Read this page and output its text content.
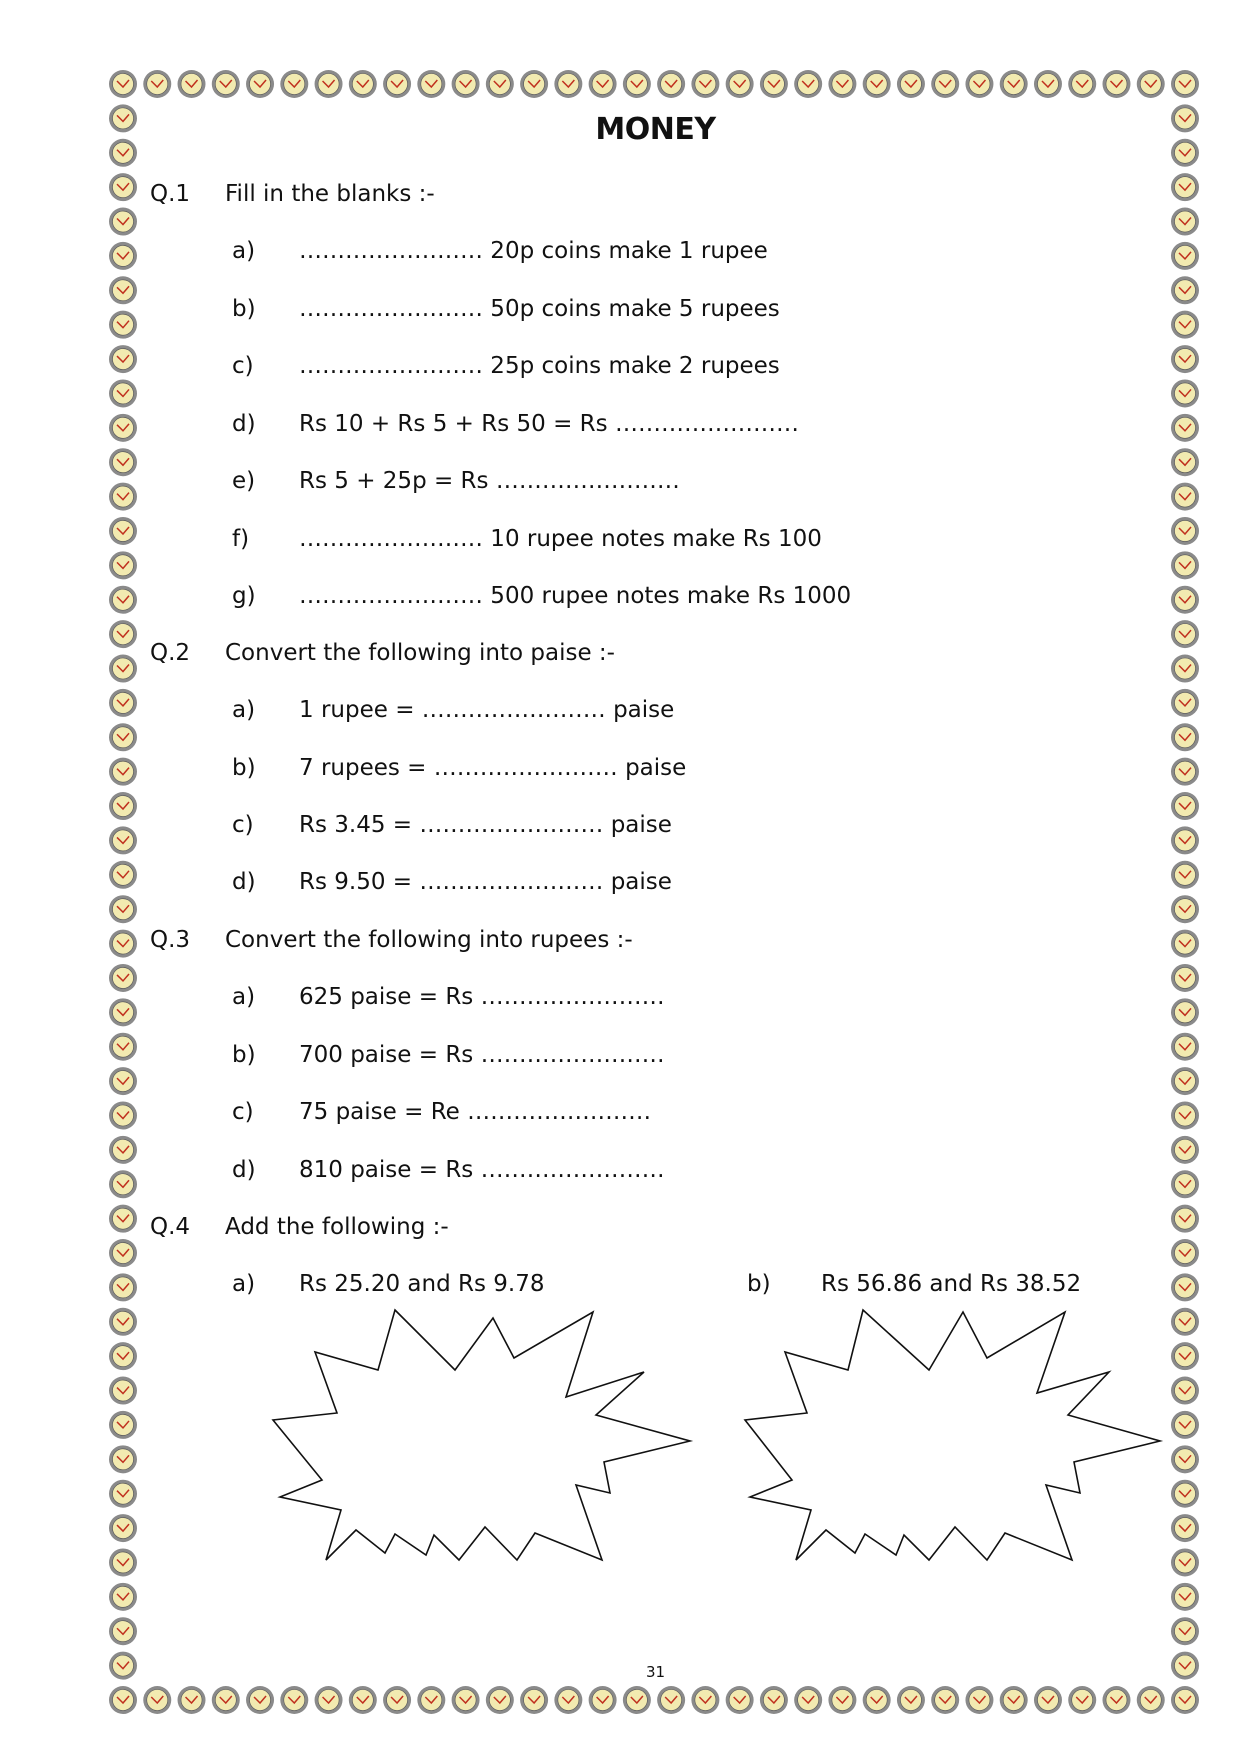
MONEY
Q.1 Fill in the blanks :-
a) …………………… 20p coins make 1 rupee
b) …………………… 50p coins make 5 rupees
c) …………………… 25p coins make 2 rupees
d) Rs 10 + Rs 5 + Rs 50 = Rs ……………………
e) Rs 5 + 25p = Rs ……………………
f) …………………… 10 rupee notes make Rs 100
g) …………………… 500 rupee notes make Rs 1000
Q.2 Convert the following into paise :-
a) 1 rupee = …………………… paise
b) 7 rupees = …………………… paise
c) Rs 3.45 = …………………… paise
d) Rs 9.50 = …………………… paise
Q.3 Convert the following into rupees :-
a) 625 paise = Rs ……………………
b) 700 paise = Rs ……………………
c) 75 paise = Re ……………………
d) 810 paise = Rs ……………………
Q.4 Add the following :-
a) Rs 25.20 and Rs 9.78	b) Rs 56.86 and Rs 38.52
31
